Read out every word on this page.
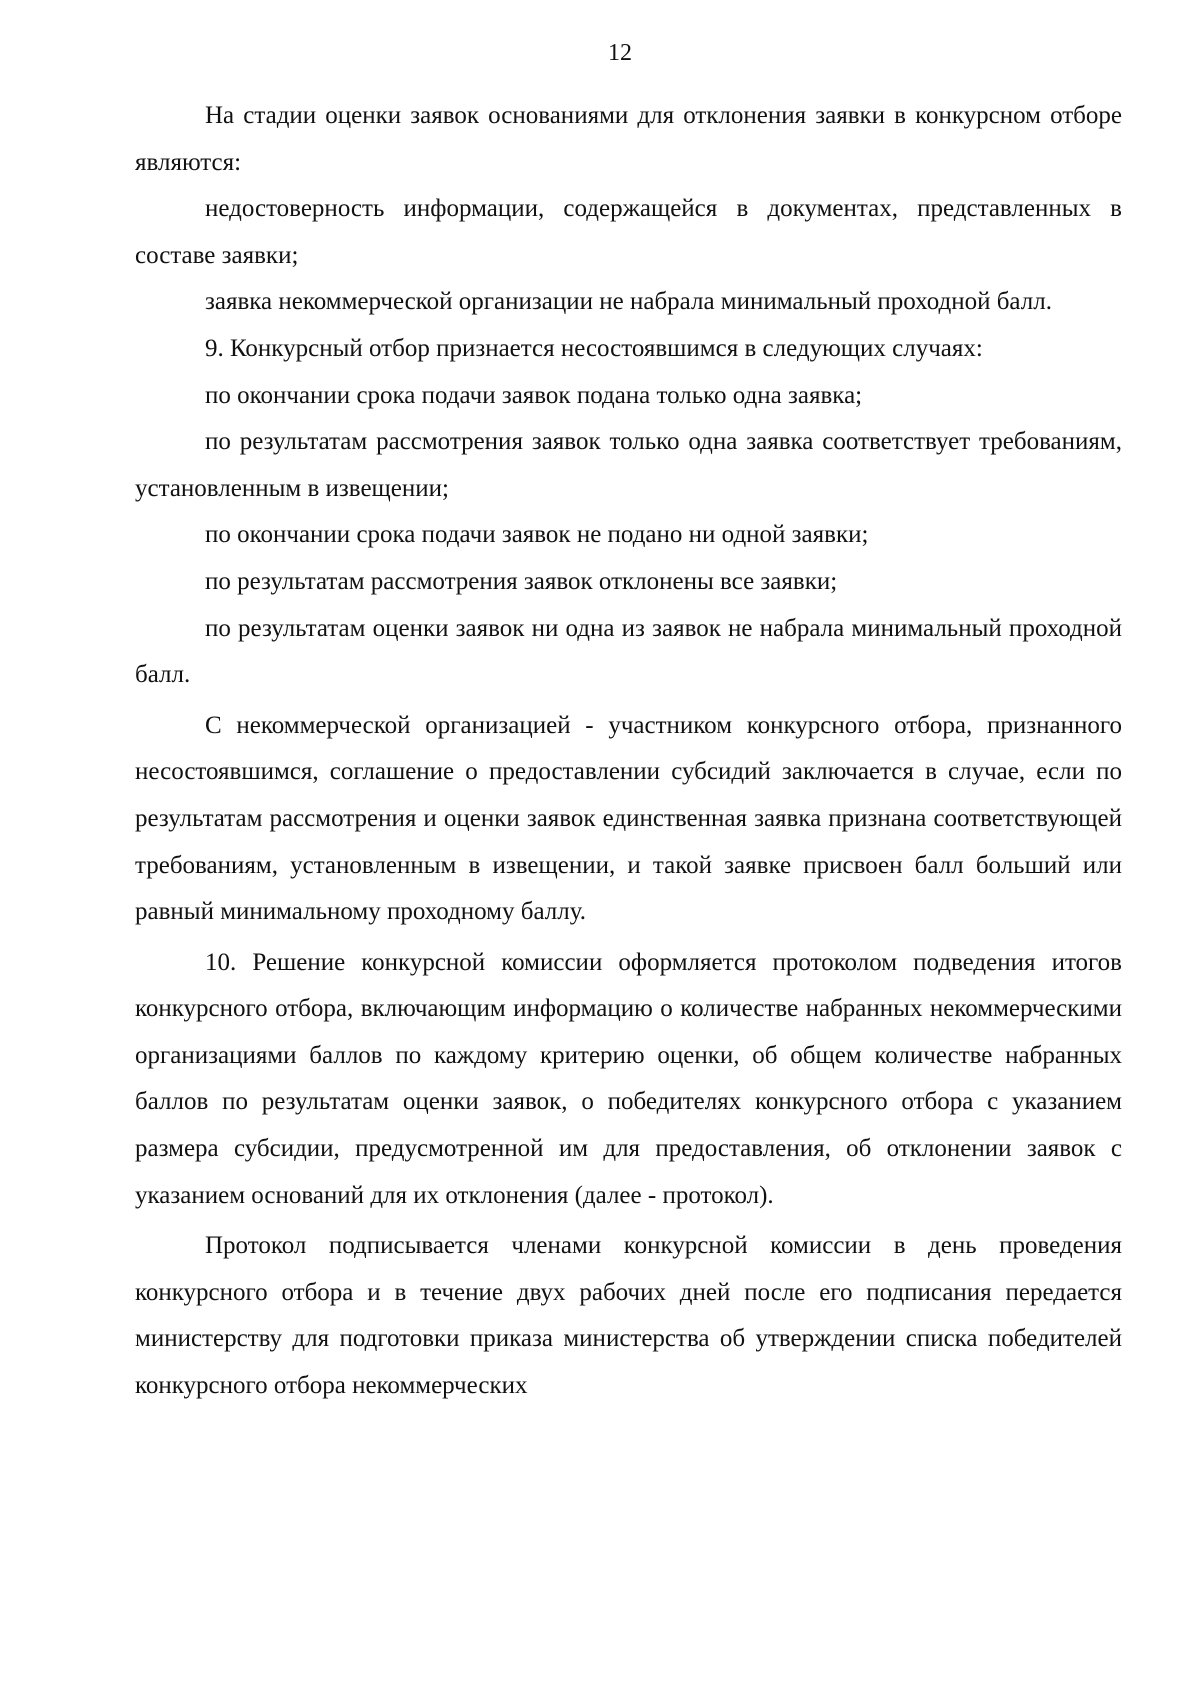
12

На стадии оценки заявок основаниями для отклонения заявки в конкурсном отборе являются:

недостоверность информации, содержащейся в документах, представленных в составе заявки;

заявка некоммерческой организации не набрала минимальный проходной балл.

9. Конкурсный отбор признается несостоявшимся в следующих случаях:

по окончании срока подачи заявок подана только одна заявка;

по результатам рассмотрения заявок только одна заявка соответствует требованиям, установленным в извещении;

по окончании срока подачи заявок не подано ни одной заявки;

по результатам рассмотрения заявок отклонены все заявки;

по результатам оценки заявок ни одна из заявок не набрала минимальный проходной балл.

С некоммерческой организацией - участником конкурсного отбора, признанного несостоявшимся, соглашение о предоставлении субсидий заключается в случае, если по результатам рассмотрения и оценки заявок единственная заявка признана соответствующей требованиям, установленным в извещении, и такой заявке присвоен балл больший или равный минимальному проходному баллу.

10. Решение конкурсной комиссии оформляется протоколом подведения итогов конкурсного отбора, включающим информацию о количестве набранных некоммерческими организациями баллов по каждому критерию оценки, об общем количестве набранных баллов по результатам оценки заявок, о победителях конкурсного отбора с указанием размера субсидии, предусмотренной им для предоставления, об отклонении заявок с указанием оснований для их отклонения (далее - протокол).

Протокол подписывается членами конкурсной комиссии в день проведения конкурсного отбора и в течение двух рабочих дней после его подписания передается министерству для подготовки приказа министерства об утверждении списка победителей конкурсного отбора некоммерческих
